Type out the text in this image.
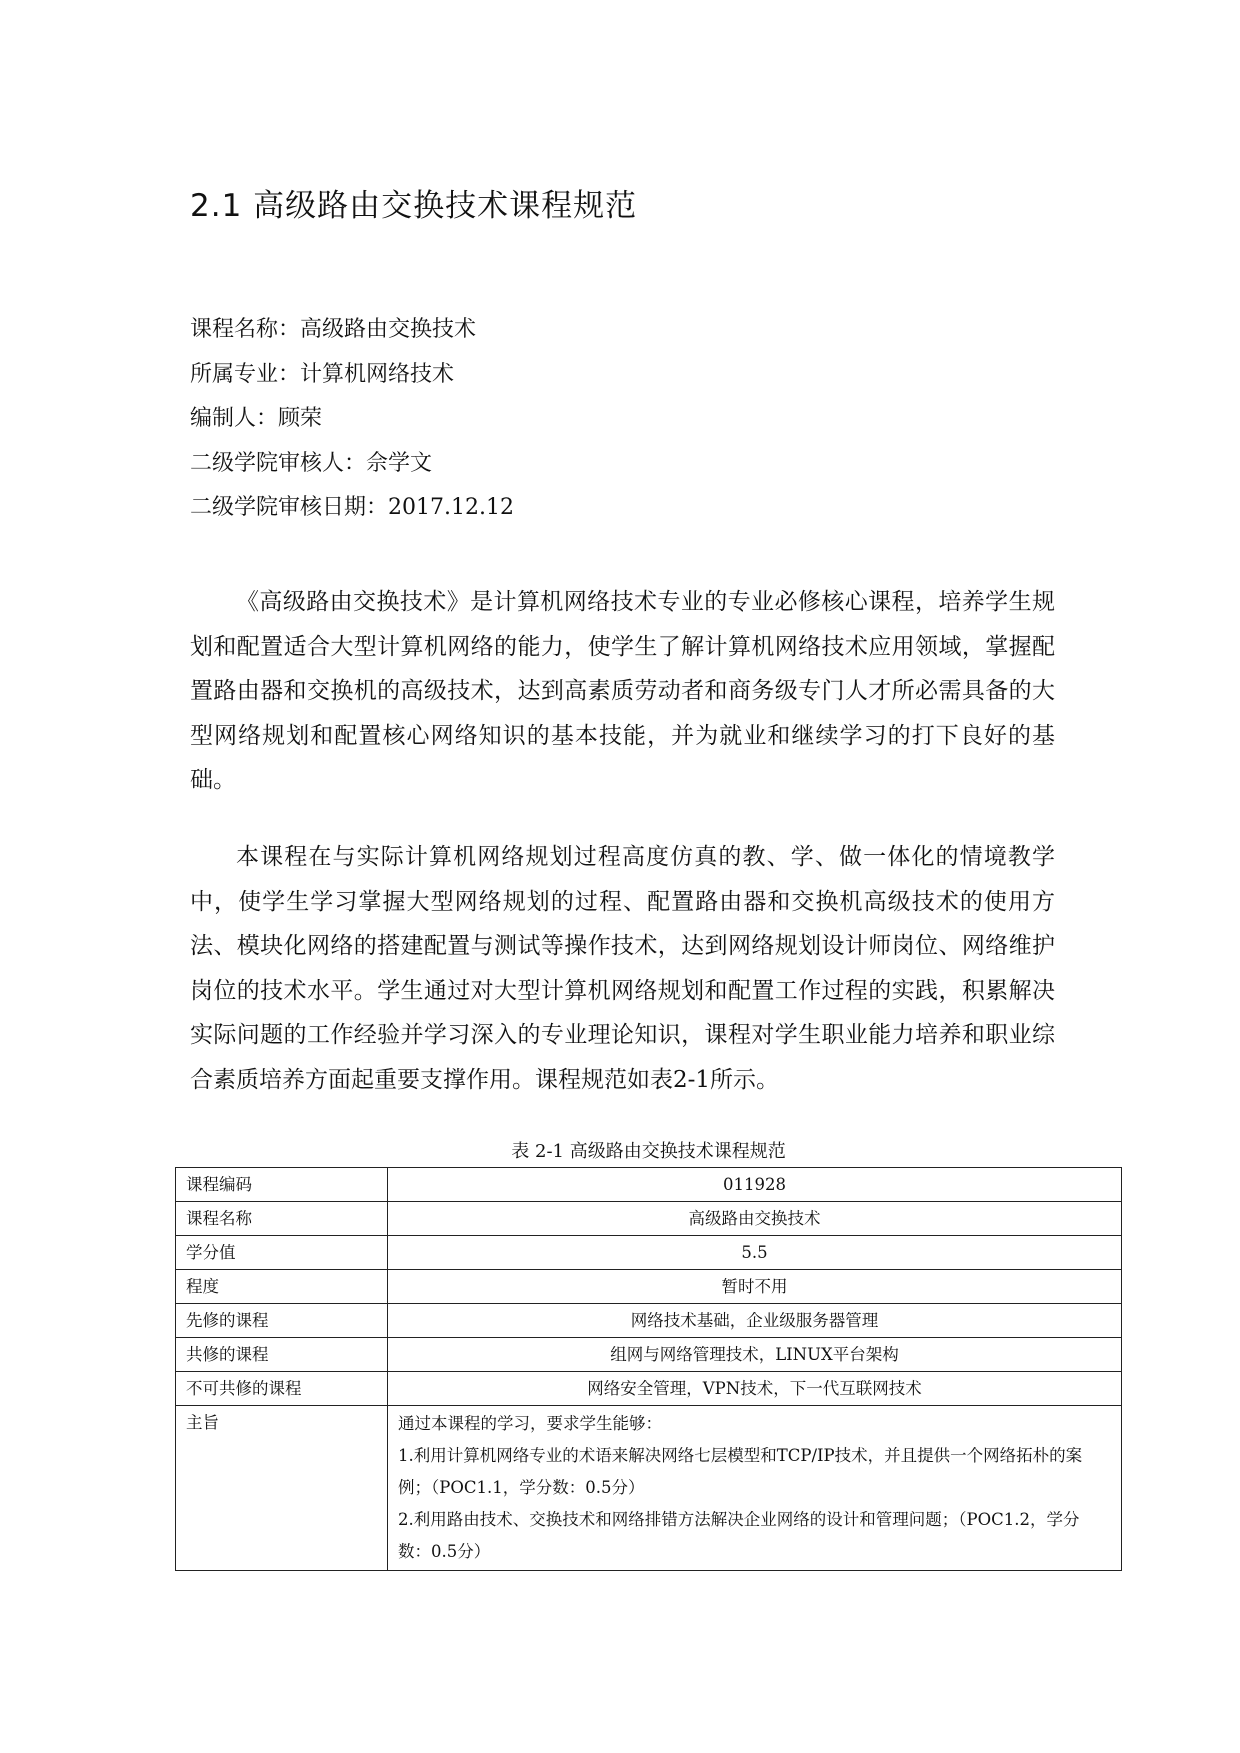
2.1 高级路由交换技术课程规范
课程名称：高级路由交换技术
所属专业：计算机网络技术
编制人：顾荣
二级学院审核人：佘学文
二级学院审核日期：2017.12.12

《高级路由交换技术》是计算机网络技术专业的专业必修核心课程，培养学生规划和配置适合大型计算机网络的能力，使学生了解计算机网络技术应用领域，掌握配置路由器和交换机的高级技术，达到高素质劳动者和商务级专门人才所必需具备的大型网络规划和配置核心网络知识的基本技能，并为就业和继续学习的打下良好的基础。

本课程在与实际计算机网络规划过程高度仿真的教、学、做一体化的情境教学中，使学生学习掌握大型网络规划的过程、配置路由器和交换机高级技术的使用方法、模块化网络的搭建配置与测试等操作技术，达到网络规划设计师岗位、网络维护岗位的技术水平。学生通过对大型计算机网络规划和配置工作过程的实践，积累解决实际问题的工作经验并学习深入的专业理论知识，课程对学生职业能力培养和职业综合素质培养方面起重要支撑作用。课程规范如表2-1所示。

表 2-1 高级路由交换技术课程规范
课程编码	011928
课程名称	高级路由交换技术
学分值	5.5
程度	暂时不用
先修的课程	网络技术基础，企业级服务器管理
共修的课程	组网与网络管理技术，LINUX平台架构
不可共修的课程	网络安全管理，VPN技术，下一代互联网技术
主旨	通过本课程的学习，要求学生能够：
1.利用计算机网络专业的术语来解决网络七层模型和TCP/IP技术，并且提供一个网络拓朴的案例；（POC1.1，学分数：0.5分）
2.利用路由技术、交换技术和网络排错方法解决企业网络的设计和管理问题；（POC1.2，学分数：0.5分）
